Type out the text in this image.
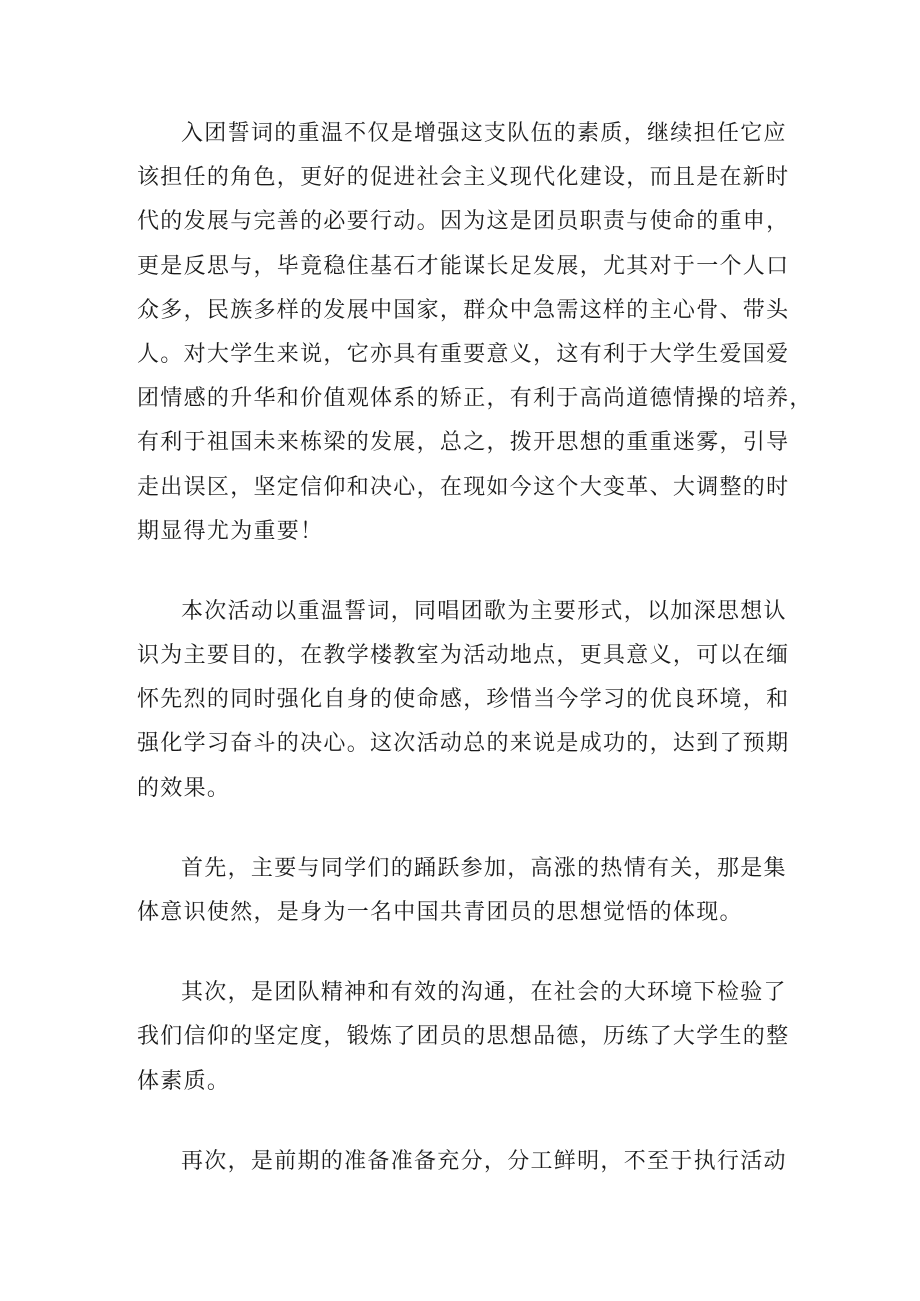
入团誓词的重温不仅是增强这支队伍的素质，继续担任它应
该担任的角色，更好的促进社会主义现代化建设，而且是在新时
代的发展与完善的必要行动。因为这是团员职责与使命的重申，
更是反思与，毕竟稳住基石才能谋长足发展，尤其对于一个人口
众多，民族多样的发展中国家，群众中急需这样的主心骨、带头
人。对大学生来说，它亦具有重要意义，这有利于大学生爱国爱
团情感的升华和价值观体系的矫正，有利于高尚道德情操的培养，
有利于祖国未来栋梁的发展，总之，拨开思想的重重迷雾，引导
走出误区，坚定信仰和决心，在现如今这个大变革、大调整的时
期显得尤为重要！

本次活动以重温誓词，同唱团歌为主要形式，以加深思想认
识为主要目的，在教学楼教室为活动地点，更具意义，可以在缅
怀先烈的同时强化自身的使命感，珍惜当今学习的优良环境，和
强化学习奋斗的决心。这次活动总的来说是成功的，达到了预期
的效果。

首先，主要与同学们的踊跃参加，高涨的热情有关，那是集
体意识使然，是身为一名中国共青团员的思想觉悟的体现。

其次，是团队精神和有效的沟通，在社会的大环境下检验了
我们信仰的坚定度，锻炼了团员的思想品德，历练了大学生的整
体素质。

再次，是前期的准备准备充分，分工鲜明，不至于执行活动
